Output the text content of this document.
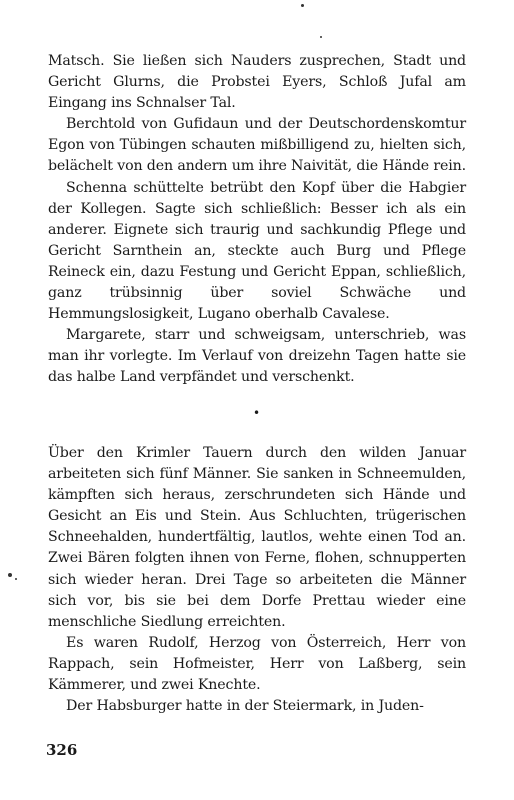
Matsch. Sie ließen sich Nauders zusprechen, Stadt und Gericht Glurns, die Probstei Eyers, Schloß Jufal am Eingang ins Schnalser Tal.

Berchtold von Gufidaun und der Deutschordenskomtur Egon von Tübingen schauten mißbilligend zu, hielten sich, belächelt von den andern um ihre Naivität, die Hände rein.

Schenna schüttelte betrübt den Kopf über die Habgier der Kollegen. Sagte sich schließlich: Besser ich als ein anderer. Eignete sich traurig und sachkundig Pflege und Gericht Sarnthein an, steckte auch Burg und Pflege Reineck ein, dazu Festung und Gericht Eppan, schließlich, ganz trübsinnig über soviel Schwäche und Hemmungslosigkeit, Lugano oberhalb Cavalese.

Margarete, starr und schweigsam, unterschrieb, was man ihr vorlegte. Im Verlauf von dreizehn Tagen hatte sie das halbe Land verpfändet und verschenkt.

•

Über den Krimler Tauern durch den wilden Januar arbeiteten sich fünf Männer. Sie sanken in Schneemulden, kämpften sich heraus, zerschrundeten sich Hände und Gesicht an Eis und Stein. Aus Schluchten, trügerischen Schneehalden, hundertfältig, lautlos, wehte einen Tod an. Zwei Bären folgten ihnen von Ferne, flohen, schnupperten sich wieder heran. Drei Tage so arbeiteten die Männer sich vor, bis sie bei dem Dorfe Prettau wieder eine menschliche Siedlung erreichten.

Es waren Rudolf, Herzog von Österreich, Herr von Rappach, sein Hofmeister, Herr von Laßberg, sein Kämmerer, und zwei Knechte.

Der Habsburger hatte in der Steiermark, in Juden-

326
